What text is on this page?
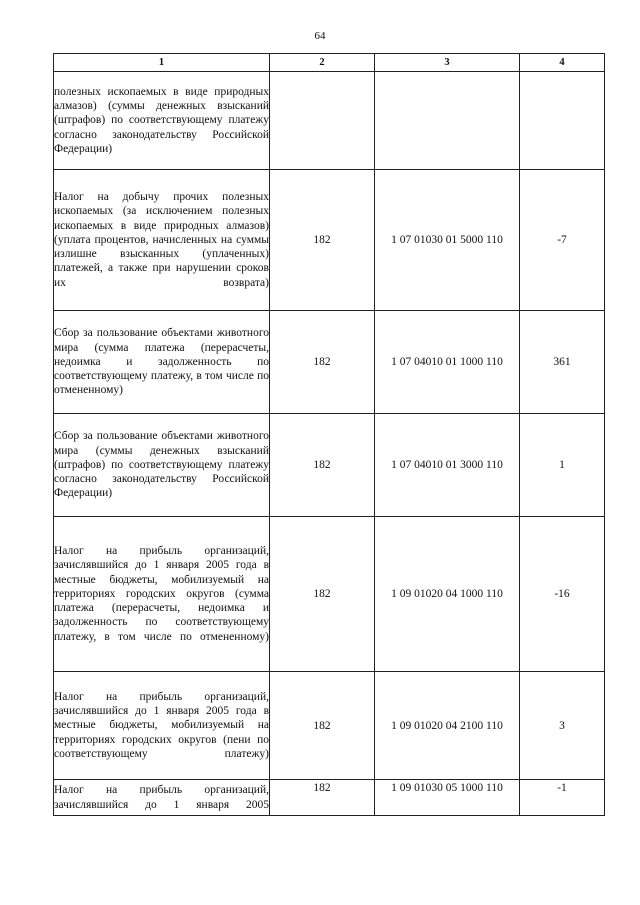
64
1	2	3	4

полезных ископаемых в виде природных алмазов) (суммы денежных взысканий (штрафов) по соответствующему платежу согласно законодательству Российской Федерации)			

Налог на добычу прочих полезных ископаемых (за исключением полезных ископаемых в виде природных алмазов) (уплата процентов, начисленных на суммы излишне взысканных (уплаченных) платежей, а также при нарушении сроков их возврата)	182	1 07 01030 01 5000 110	-7

Сбор за пользование объектами животного мира (сумма платежа (перерасчеты, недоимка и задолженность по соответствующему платежу, в том числе по отмененному)	182	1 07 04010 01 1000 110	361

Сбор за пользование объектами животного мира (суммы денежных взысканий (штрафов) по соответствующему платежу согласно законодательству Российской Федерации)	182	1 07 04010 01 3000 110	1

Налог на прибыль организаций, зачислявшийся до 1 января 2005 года в местные бюджеты, мобилизуемый на территориях городских округов (сумма платежа (перерасчеты, недоимка и задолженность по соответствующему платежу, в том числе по отмененному)	182	1 09 01020 04 1000 110	-16

Налог на прибыль организаций, зачислявшийся до 1 января 2005 года в местные бюджеты, мобилизуемый на территориях городских округов (пени по соответствующему платежу)	182	1 09 01020 04 2100 110	3

Налог на прибыль организаций, зачислявшийся до 1 января 2005	182	1 09 01030 05 1000 110	-1
